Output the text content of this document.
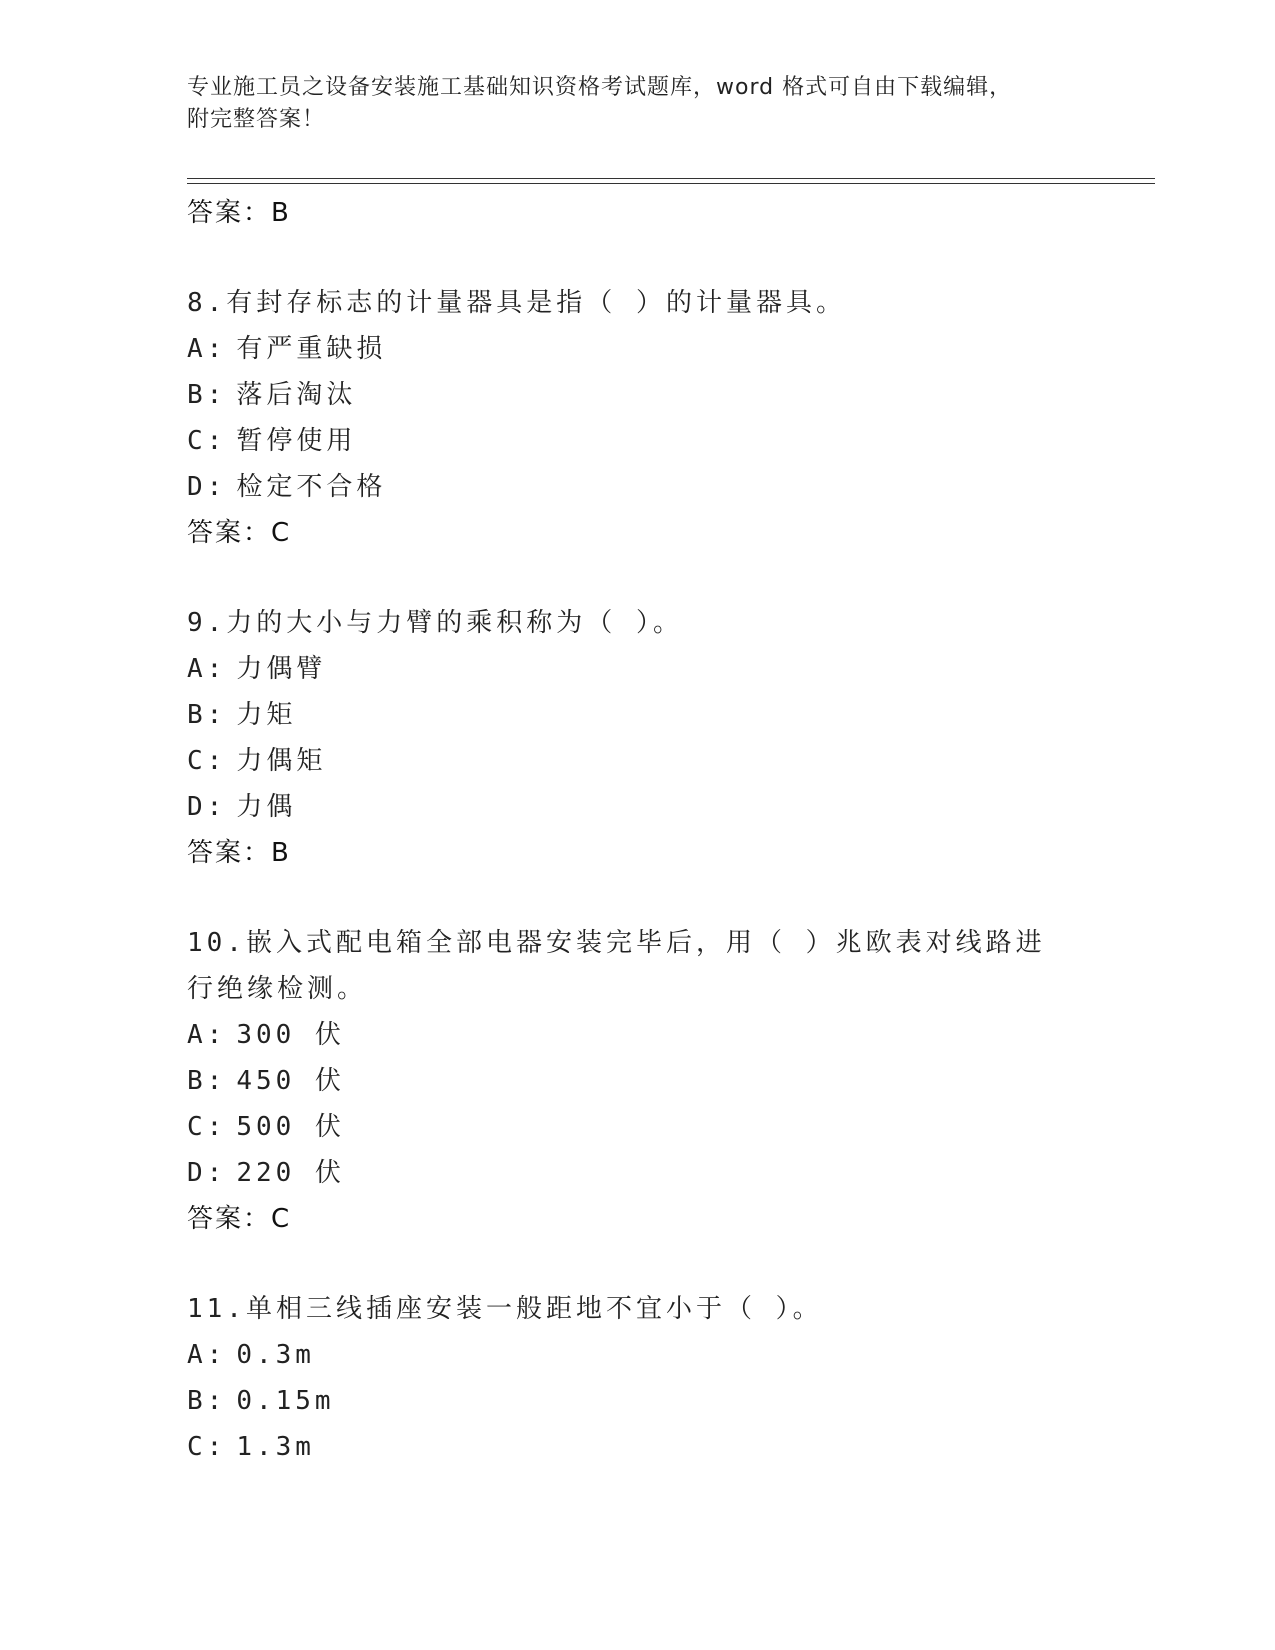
专业施工员之设备安装施工基础知识资格考试题库，word 格式可自由下载编辑，
附完整答案！
答案：B
8.有封存标志的计量器具是指（ ）的计量器具。
A: 有严重缺损
B: 落后淘汰
C: 暂停使用
D: 检定不合格
答案：C
9.力的大小与力臂的乘积称为（ ）。
A: 力偶臂
B: 力矩
C: 力偶矩
D: 力偶
答案：B
10.嵌入式配电箱全部电器安装完毕后，用（ ）兆欧表对线路进行绝缘检测。
A: 300 伏
B: 450 伏
C: 500 伏
D: 220 伏
答案：C
11.单相三线插座安装一般距地不宜小于（ ）。
A: 0.3m
B: 0.15m
C: 1.3m
